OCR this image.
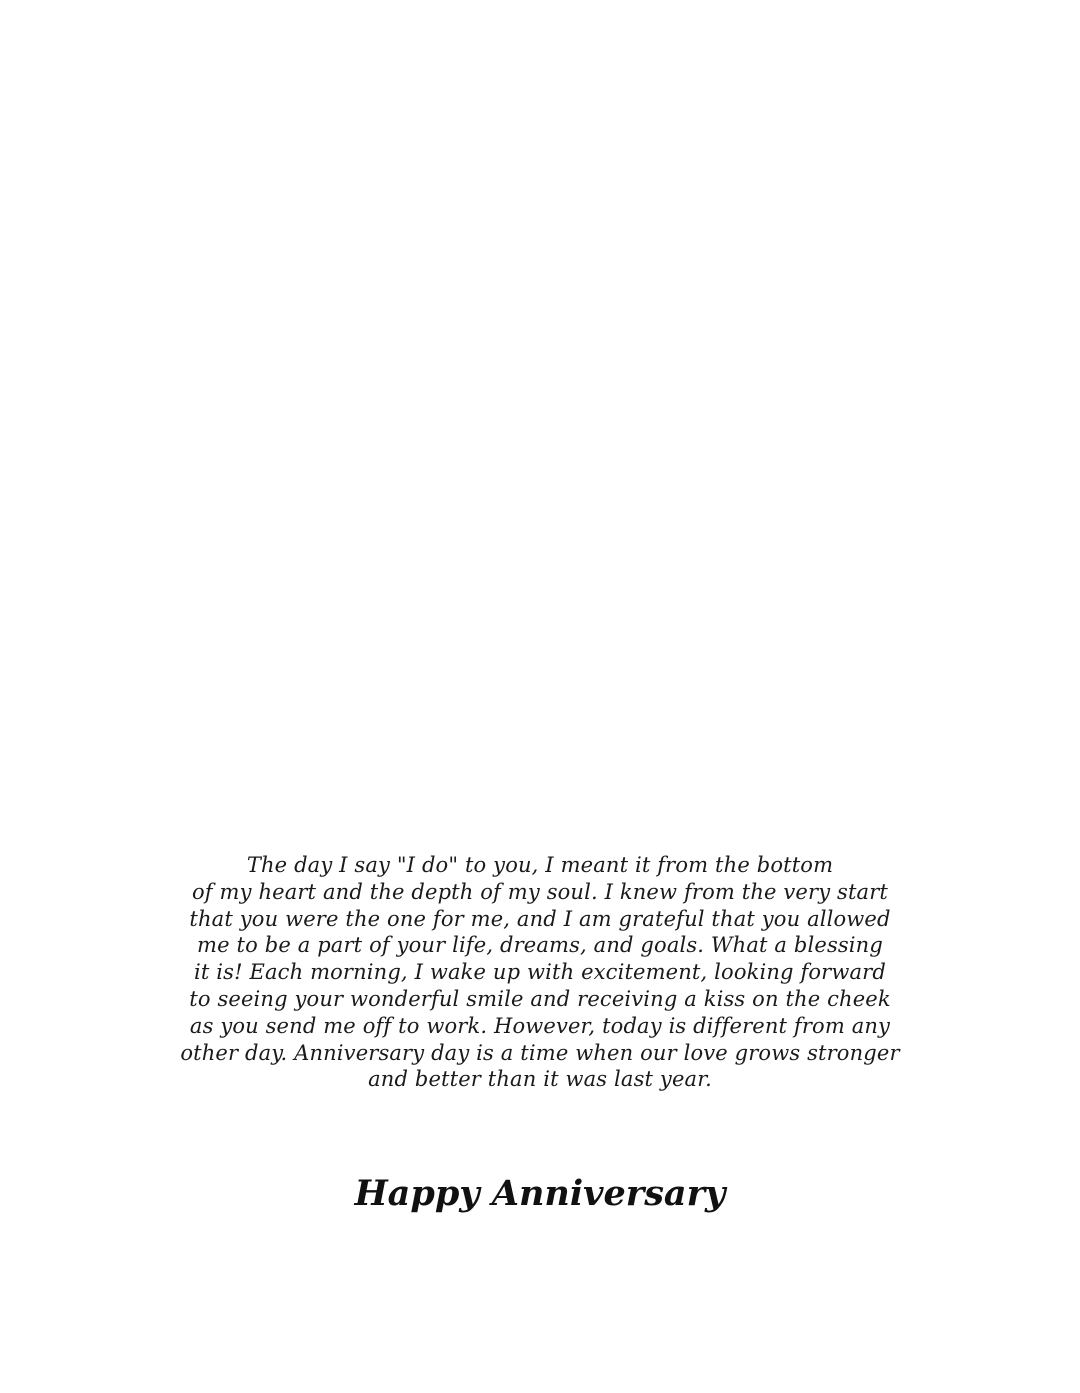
The day I say "I do" to you, I meant it from the bottom
of my heart and the depth of my soul. I knew from the very start
that you were the one for me, and I am grateful that you allowed
me to be a part of your life, dreams, and goals. What a blessing
it is! Each morning, I wake up with excitement, looking forward
to seeing your wonderful smile and receiving a kiss on the cheek
as you send me off to work. However, today is different from any
other day. Anniversary day is a time when our love grows stronger
and better than it was last year.
Happy Anniversary
